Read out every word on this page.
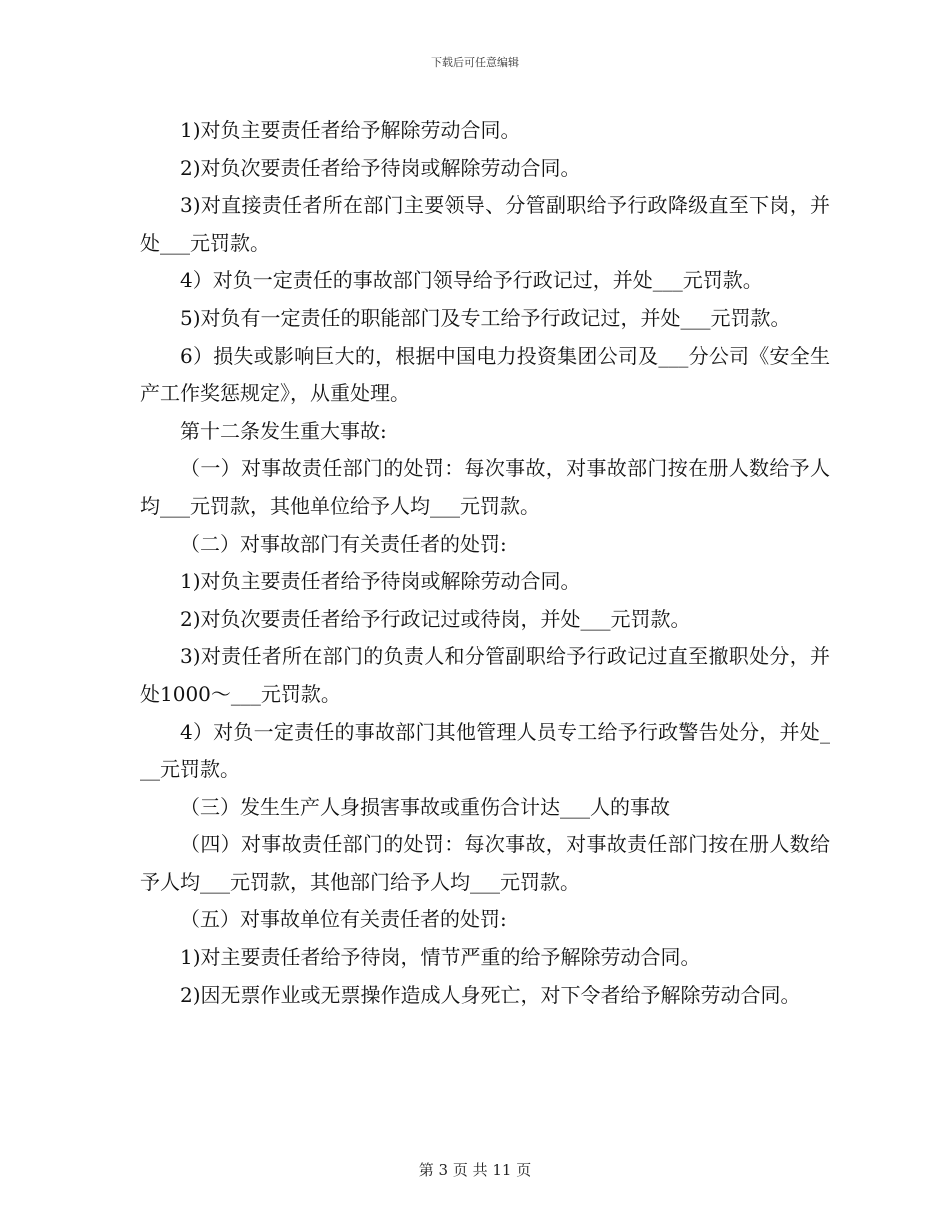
下载后可任意编辑

1)对负主要责任者给予解除劳动合同。

2)对负次要责任者给予待岗或解除劳动合同。

3)对直接责任者所在部门主要领导、分管副职给予行政降级直至下岗，并处___元罚款。

4）对负一定责任的事故部门领导给予行政记过，并处___元罚款。

5)对负有一定责任的职能部门及专工给予行政记过，并处___元罚款。

6）损失或影响巨大的，根据中国电力投资集团公司及___分公司《安全生产工作奖惩规定》，从重处理。

第十二条发生重大事故:

（一）对事故责任部门的处罚：每次事故，对事故部门按在册人数给予人均___元罚款，其他单位给予人均___元罚款。

（二）对事故部门有关责任者的处罚:

1)对负主要责任者给予待岗或解除劳动合同。

2)对负次要责任者给予行政记过或待岗，并处___元罚款。

3)对责任者所在部门的负责人和分管副职给予行政记过直至撤职处分，并处1000～___元罚款。

4）对负一定责任的事故部门其他管理人员专工给予行政警告处分，并处___元罚款。

（三）发生生产人身损害事故或重伤合计达___人的事故

（四）对事故责任部门的处罚：每次事故，对事故责任部门按在册人数给予人均___元罚款，其他部门给予人均___元罚款。

（五）对事故单位有关责任者的处罚:

1)对主要责任者给予待岗，情节严重的给予解除劳动合同。

2)因无票作业或无票操作造成人身死亡，对下令者给予解除劳动合同。

第 3 页 共 11 页
